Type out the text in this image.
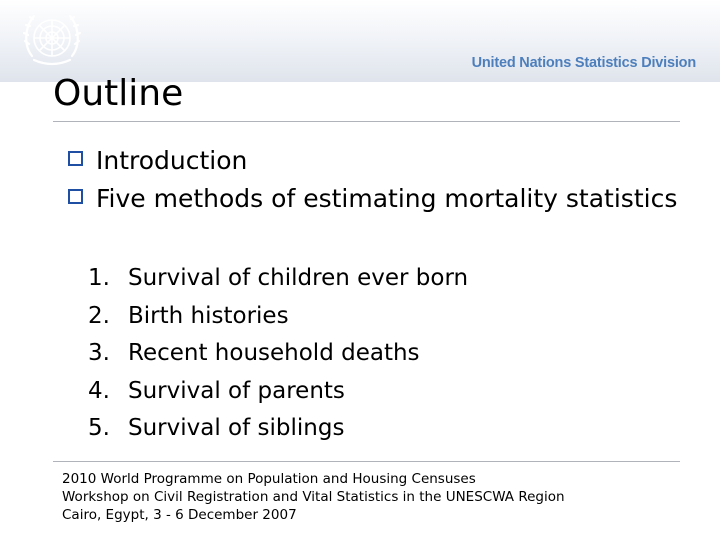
United Nations Statistics Division
Outline
Introduction
Five methods of estimating mortality statistics
1. Survival of children ever born
2. Birth histories
3. Recent household deaths
4. Survival of parents
5. Survival of siblings
2010 World Programme on Population and Housing Censuses
Workshop on Civil Registration and Vital Statistics in the UNESCWA Region
Cairo, Egypt, 3 - 6 December 2007
